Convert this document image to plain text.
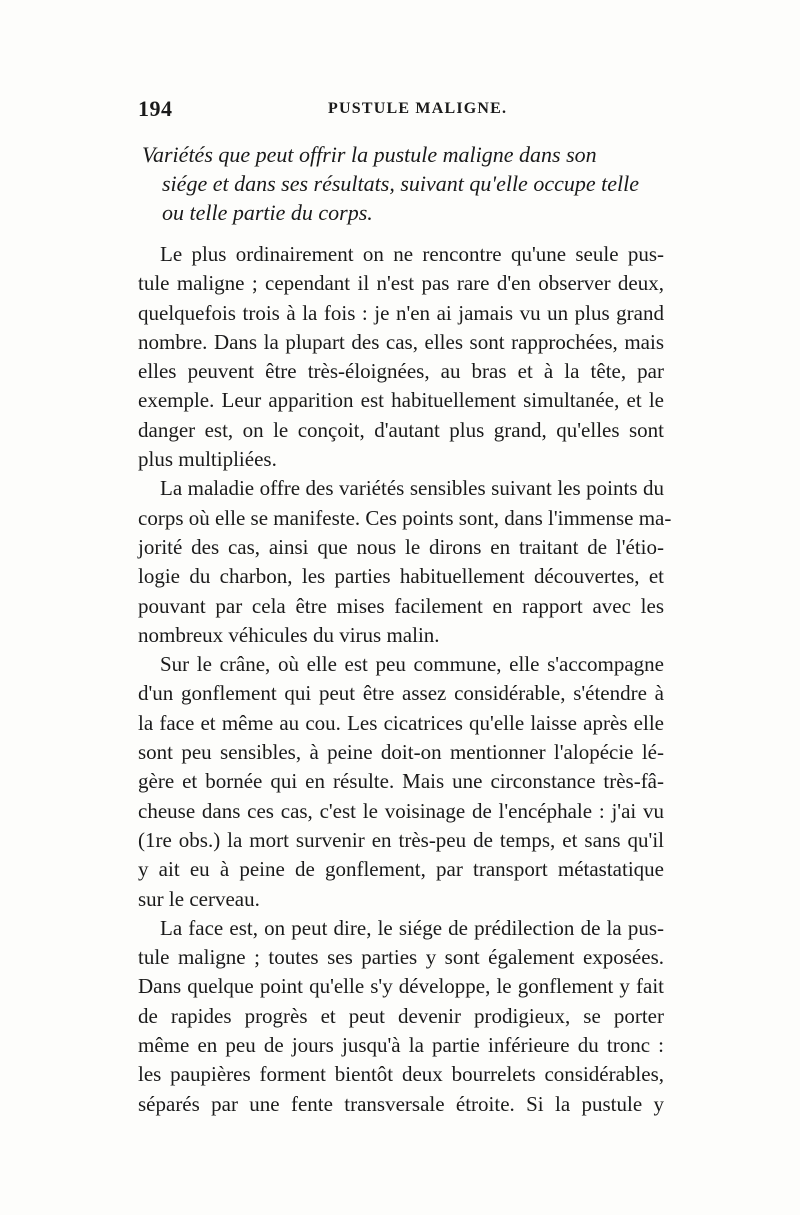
194	PUSTULE MALIGNE.
Variétés que peut offrir la pustule maligne dans son
siége et dans ses résultats, suivant qu'elle occupe telle
ou telle partie du corps.
Le plus ordinairement on ne rencontre qu'une seule pus-
tule maligne ; cependant il n'est pas rare d'en observer deux,
quelquefois trois à la fois : je n'en ai jamais vu un plus grand
nombre. Dans la plupart des cas, elles sont rapprochées, mais
elles peuvent être très-éloignées, au bras et à la tête, par
exemple. Leur apparition est habituellement simultanée, et le
danger est, on le conçoit, d'autant plus grand, qu'elles sont
plus multipliées.
La maladie offre des variétés sensibles suivant les points du
corps où elle se manifeste. Ces points sont, dans l'immense ma-
jorité des cas, ainsi que nous le dirons en traitant de l'étio-
logie du charbon, les parties habituellement découvertes, et
pouvant par cela être mises facilement en rapport avec les
nombreux véhicules du virus malin.
Sur le crâne, où elle est peu commune, elle s'accompagne
d'un gonflement qui peut être assez considérable, s'étendre à
la face et même au cou. Les cicatrices qu'elle laisse après elle
sont peu sensibles, à peine doit-on mentionner l'alopécie lé-
gère et bornée qui en résulte. Mais une circonstance très-fâ-
cheuse dans ces cas, c'est le voisinage de l'encéphale : j'ai vu
(1re obs.) la mort survenir en très-peu de temps, et sans qu'il
y ait eu à peine de gonflement, par transport métastatique
sur le cerveau.
La face est, on peut dire, le siége de prédilection de la pus-
tule maligne ; toutes ses parties y sont également exposées.
Dans quelque point qu'elle s'y développe, le gonflement y fait
de rapides progrès et peut devenir prodigieux, se porter
même en peu de jours jusqu'à la partie inférieure du tronc :
les paupières forment bientôt deux bourrelets considérables,
séparés par une fente transversale étroite. Si la pustule y
